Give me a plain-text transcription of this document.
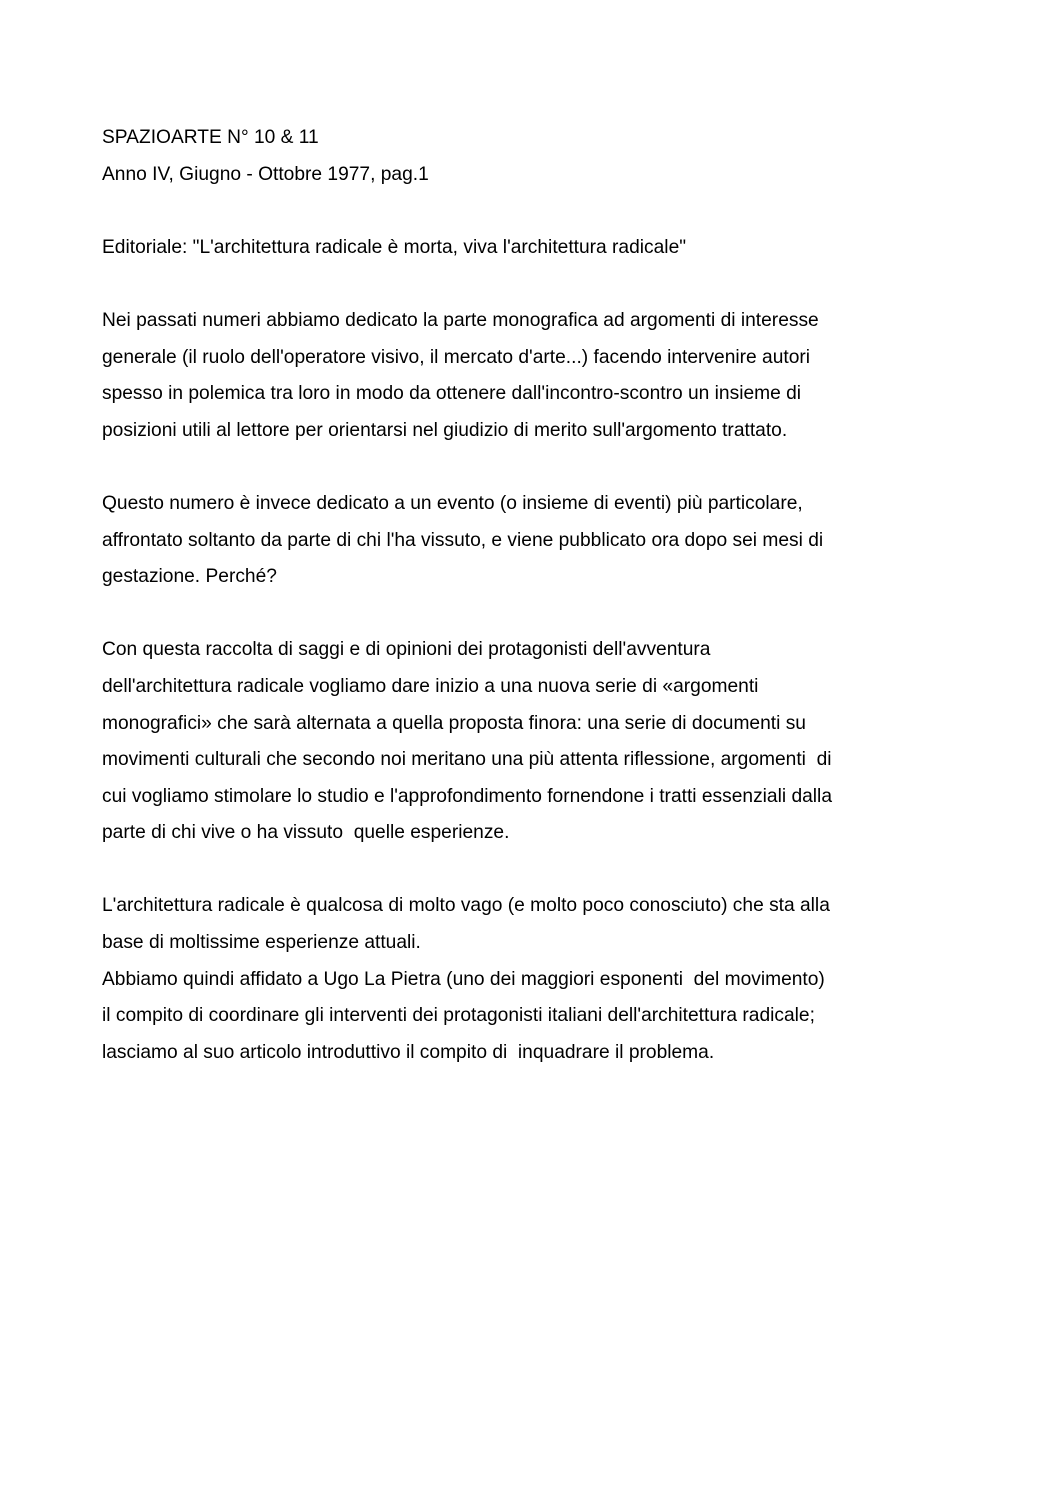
SPAZIOARTE N° 10 & 11
Anno IV, Giugno - Ottobre 1977, pag.1
Editoriale: "L'architettura radicale è morta, viva l'architettura radicale"
Nei passati numeri abbiamo dedicato la parte monografica ad argomenti di interesse
generale (il ruolo dell'operatore visivo, il mercato d'arte...) facendo intervenire autori
spesso in polemica tra loro in modo da ottenere dall'incontro-scontro un insieme di
posizioni utili al lettore per orientarsi nel giudizio di merito sull'argomento trattato.
Questo numero è invece dedicato a un evento (o insieme di eventi) più particolare,
affrontato soltanto da parte di chi l'ha vissuto, e viene pubblicato ora dopo sei mesi di
gestazione. Perché?
Con questa raccolta di saggi e di opinioni dei protagonisti dell'avventura
dell'architettura radicale vogliamo dare inizio a una nuova serie di «argomenti
monografici» che sarà alternata a quella proposta finora: una serie di documenti su
movimenti culturali che secondo noi meritano una più attenta riflessione, argomenti  di
cui vogliamo stimolare lo studio e l'approfondimento fornendone i tratti essenziali dalla
parte di chi vive o ha vissuto  quelle esperienze.
L'architettura radicale è qualcosa di molto vago (e molto poco conosciuto) che sta alla
base di moltissime esperienze attuali.
Abbiamo quindi affidato a Ugo La Pietra (uno dei maggiori esponenti  del movimento)
il compito di coordinare gli interventi dei protagonisti italiani dell'architettura radicale;
lasciamo al suo articolo introduttivo il compito di  inquadrare il problema.
